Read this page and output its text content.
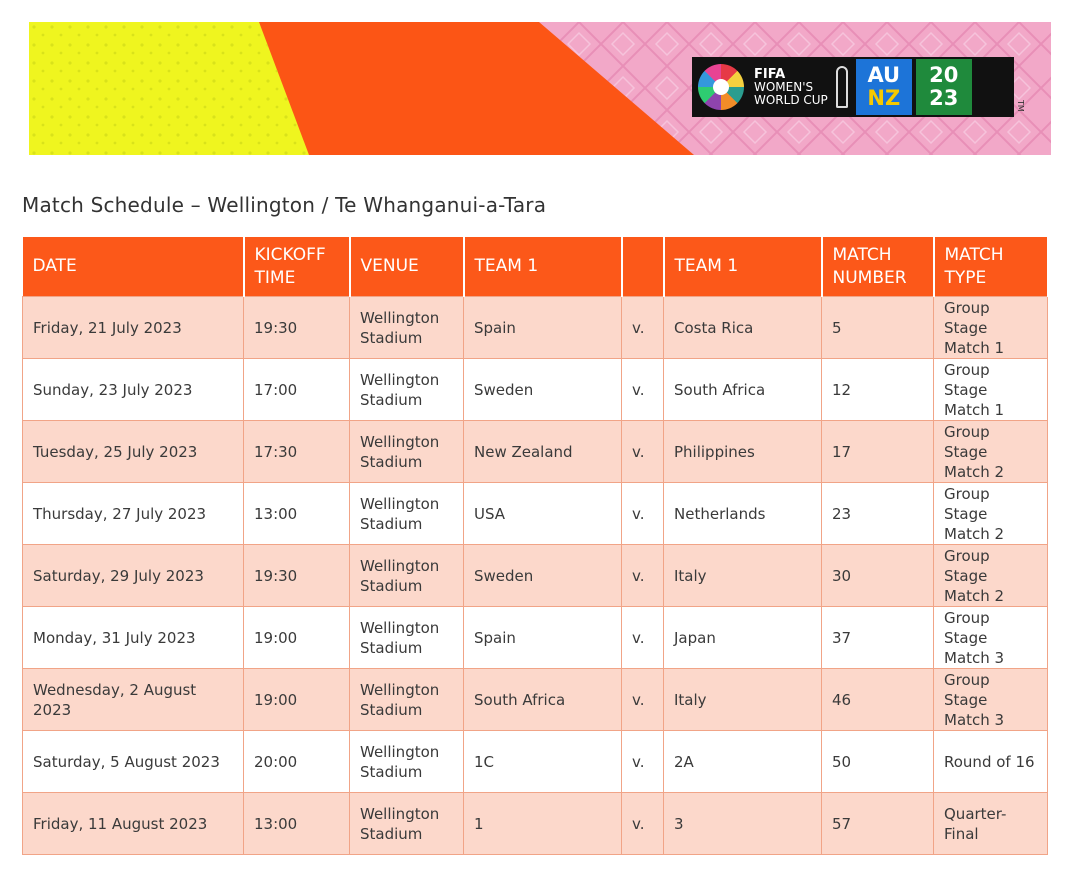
FIFA
WOMEN'S
WORLD CUP
AU
NZ
20
23	TM
Match Schedule – Wellington / Te Whanganui-a-Tara
DATE	KICKOFF TIME	VENUE	TEAM 1		TEAM 1	MATCH NUMBER	MATCH TYPE
Friday, 21 July 2023	19:30	Wellington Stadium	Spain	v.	Costa Rica	5	Group Stage Match 1
Sunday, 23 July 2023	17:00	Wellington Stadium	Sweden	v.	South Africa	12	Group Stage Match 1
Tuesday, 25 July 2023	17:30	Wellington Stadium	New Zealand	v.	Philippines	17	Group Stage Match 2
Thursday, 27 July 2023	13:00	Wellington Stadium	USA	v.	Netherlands	23	Group Stage Match 2
Saturday, 29 July 2023	19:30	Wellington Stadium	Sweden	v.	Italy	30	Group Stage Match 2
Monday, 31 July 2023	19:00	Wellington Stadium	Spain	v.	Japan	37	Group Stage Match 3
Wednesday, 2 August 2023	19:00	Wellington Stadium	South Africa	v.	Italy	46	Group Stage Match 3
Saturday, 5 August 2023	20:00	Wellington Stadium	1C	v.	2A	50	Round of 16
Friday, 11 August 2023	13:00	Wellington Stadium	1	v.	3	57	Quarter-Final
